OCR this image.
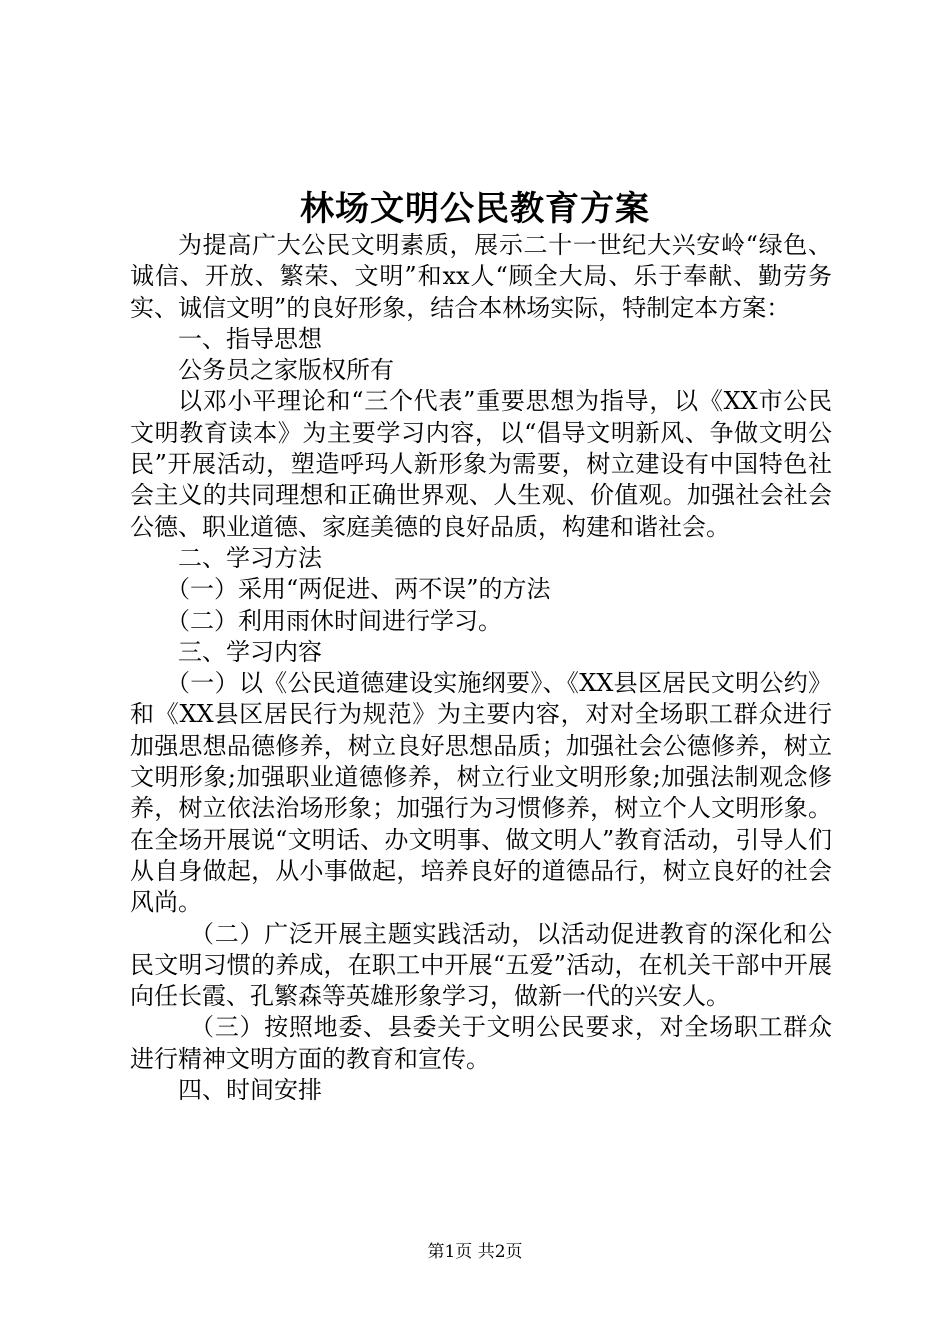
林场文明公民教育方案

为提高广大公民文明素质，展示二十一世纪大兴安岭“绿色、诚信、开放、繁荣、文明”和xx人“顾全大局、乐于奉献、勤劳务实、诚信文明”的良好形象，结合本林场实际，特制定本方案：

一、指导思想

公务员之家版权所有

以邓小平理论和“三个代表”重要思想为指导，以《XX市公民文明教育读本》为主要学习内容，以“倡导文明新风、争做文明公民”开展活动，塑造呼玛人新形象为需要，树立建设有中国特色社会主义的共同理想和正确世界观、人生观、价值观。加强社会社会公德、职业道德、家庭美德的良好品质，构建和谐社会。

二、学习方法

（一）采用“两促进、两不误”的方法

（二）利用雨休时间进行学习。

三、学习内容

（一）以《公民道德建设实施纲要》、《XX县区居民文明公约》和《XX县区居民行为规范》为主要内容，对对全场职工群众进行加强思想品德修养，树立良好思想品质；加强社会公德修养，树立文明形象;加强职业道德修养，树立行业文明形象;加强法制观念修养，树立依法治场形象；加强行为习惯修养，树立个人文明形象。在全场开展说“文明话、办文明事、做文明人”教育活动，引导人们从自身做起，从小事做起，培养良好的道德品行，树立良好的社会风尚。

（二）广泛开展主题实践活动，以活动促进教育的深化和公民文明习惯的养成，在职工中开展“五爱”活动，在机关干部中开展向任长霞、孔繁森等英雄形象学习，做新一代的兴安人。

（三）按照地委、县委关于文明公民要求，对全场职工群众进行精神文明方面的教育和宣传。

四、时间安排

第1页 共2页
